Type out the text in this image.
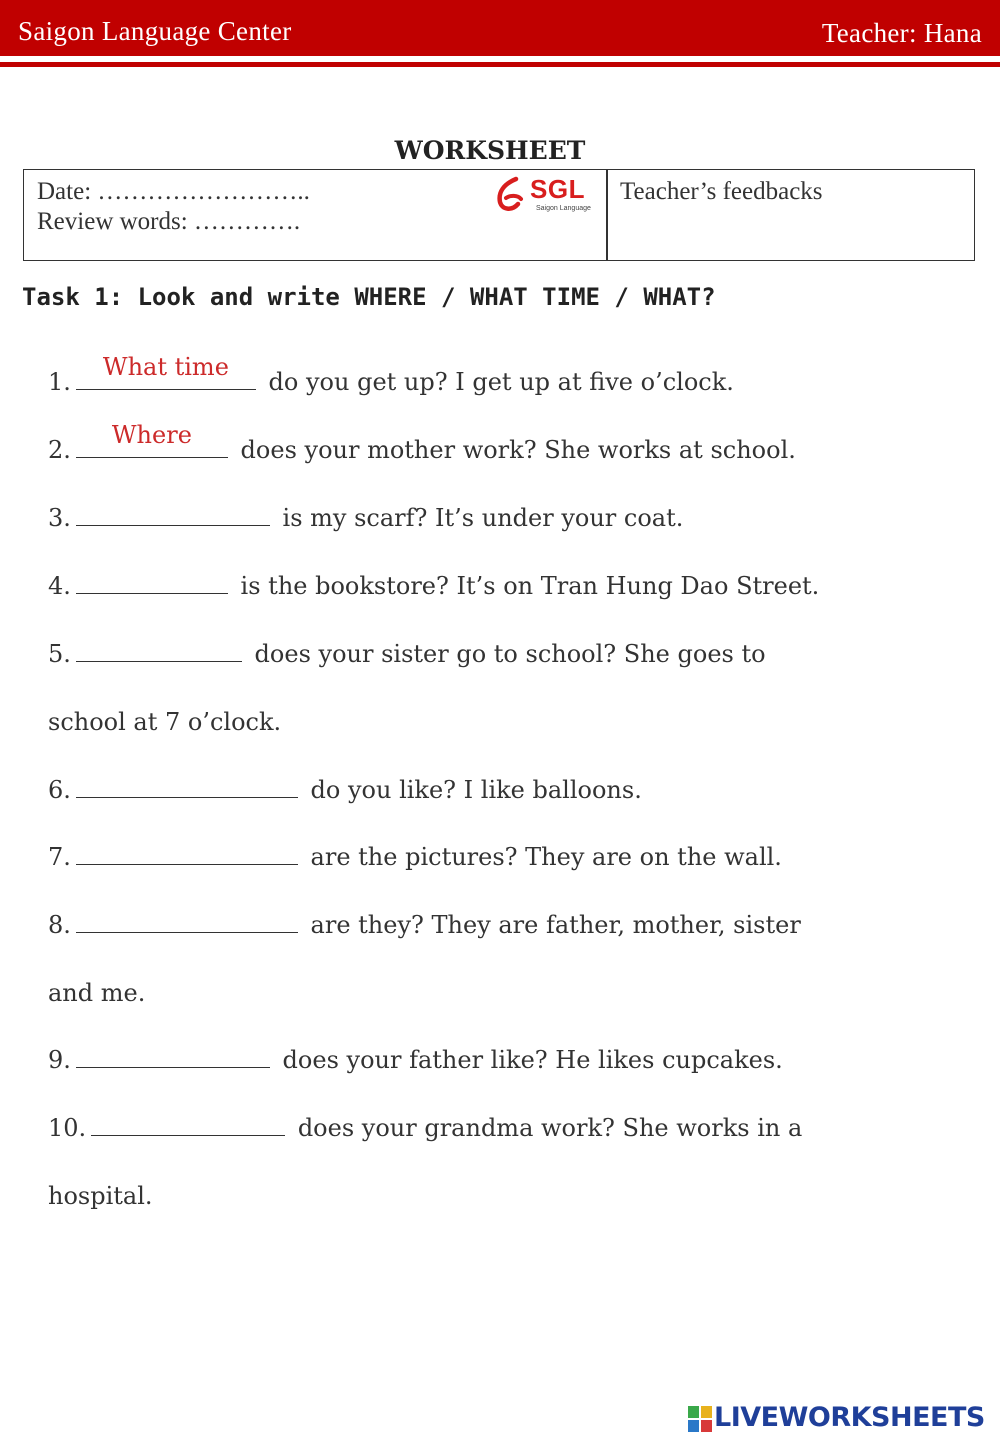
Saigon Language Center	Teacher: Hana
WORKSHEET
Date: ……………………..
Review words: ………….
SGL
Saigon Language
Teacher’s feedbacks
Task 1: Look and write WHERE / WHAT TIME / WHAT?
1.
What time
do you get up? I get up at five o’clock.
2.
Where
does your mother work? She works at school.
3.	is my scarf? It’s under your coat.
4.	is the bookstore? It’s on Tran Hung Dao Street.
5.	does your sister go to school? She goes to
school at 7 o’clock.
6.	do you like? I like balloons.
7.	are the pictures? They are on the wall.
8.	are they? They are father, mother, sister
and me.
9.	does your father like? He likes cupcakes.
10.	does your grandma work? She works in a
hospital.
LIVEWORKSHEETS
